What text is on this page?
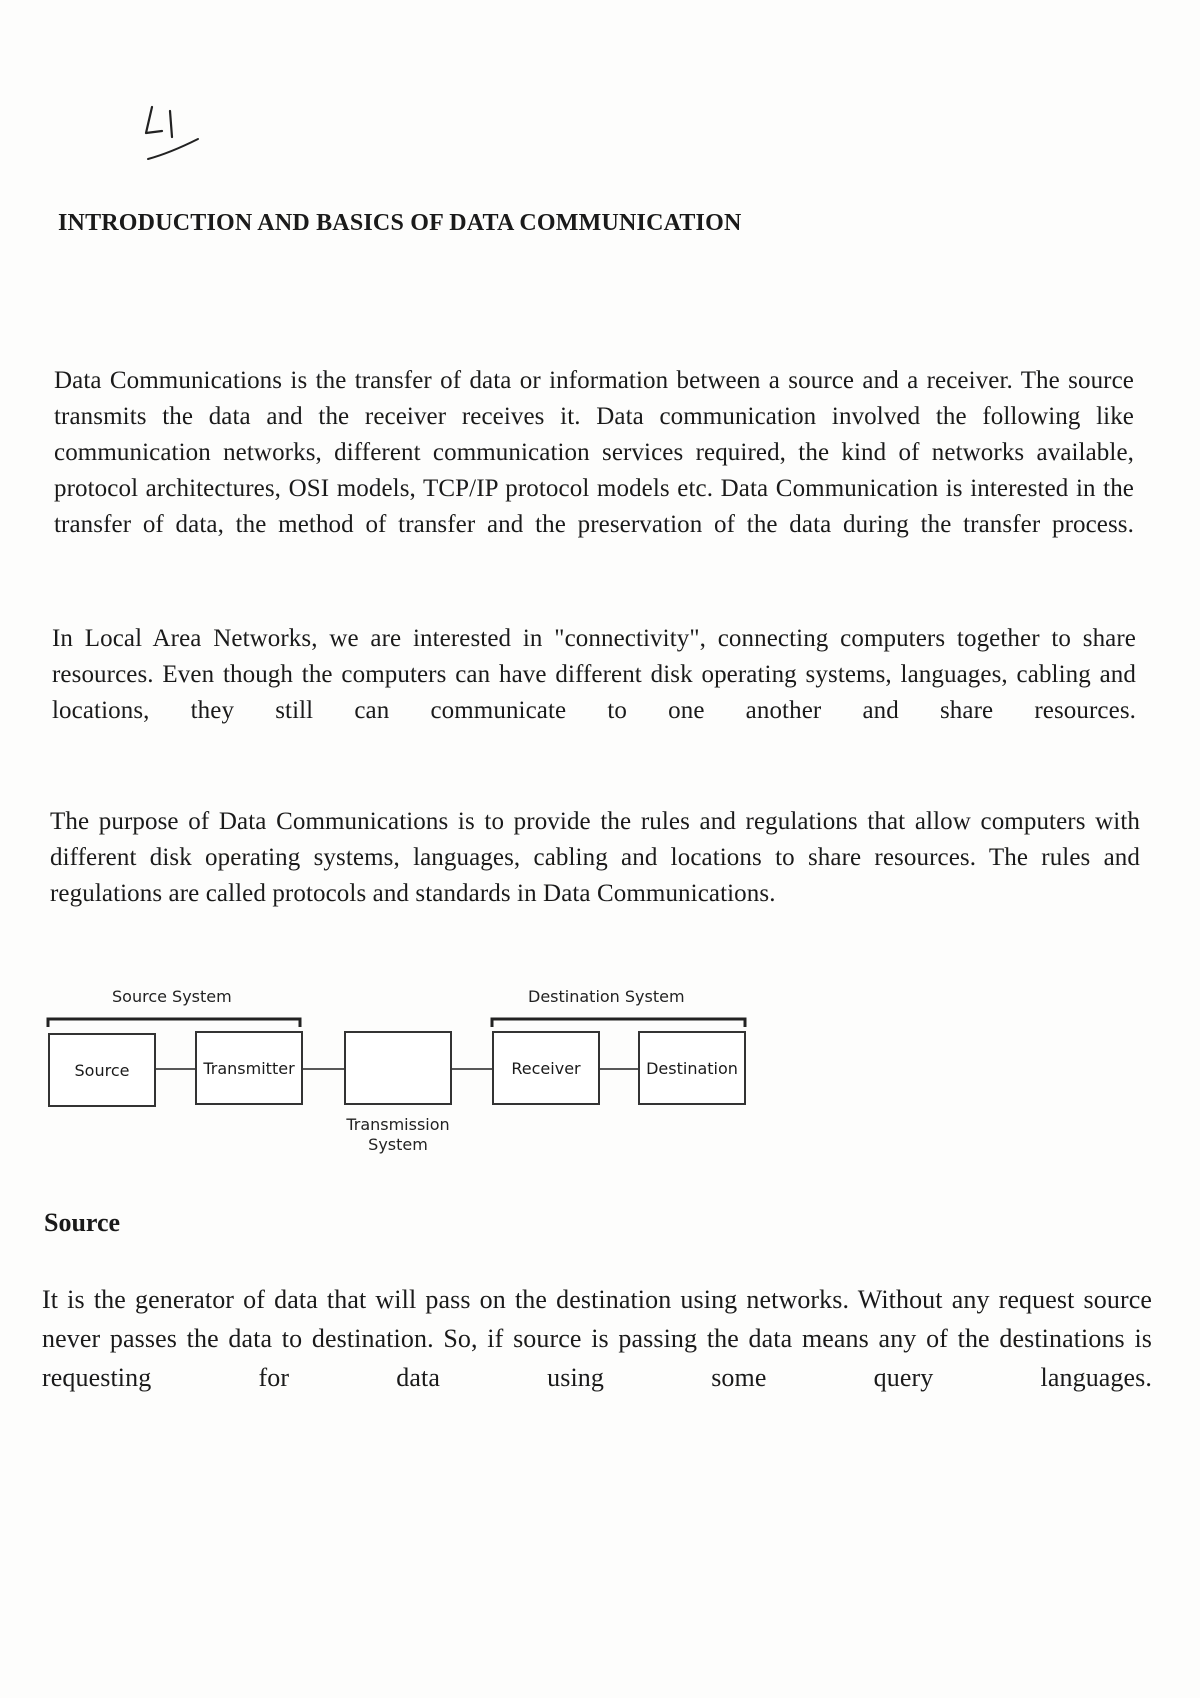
INTRODUCTION AND BASICS OF DATA COMMUNICATION

Data Communications is the transfer of data or information between a source and a receiver. The source transmits the data and the receiver receives it. Data communication involved the following like communication networks, different communication services required, the kind of networks available, protocol architectures, OSI models, TCP/IP protocol models etc. Data Communication is interested in the transfer of data, the method of transfer and the preservation of the data during the transfer process.

In Local Area Networks, we are interested in "connectivity", connecting computers together to share resources. Even though the computers can have different disk operating systems, languages, cabling and locations, they still can communicate to one another and share resources.

The purpose of Data Communications is to provide the rules and regulations that allow computers with different disk operating systems, languages, cabling and locations to share resources. The rules and regulations are called protocols and standards in Data Communications.

Source System	Destination System
Source	Transmitter	Receiver	Destination
Transmission
System
Source

It is the generator of data that will pass on the destination using networks. Without any request source never passes the data to destination. So, if source is passing the data means any of the destinations is requesting for data using some query languages.
